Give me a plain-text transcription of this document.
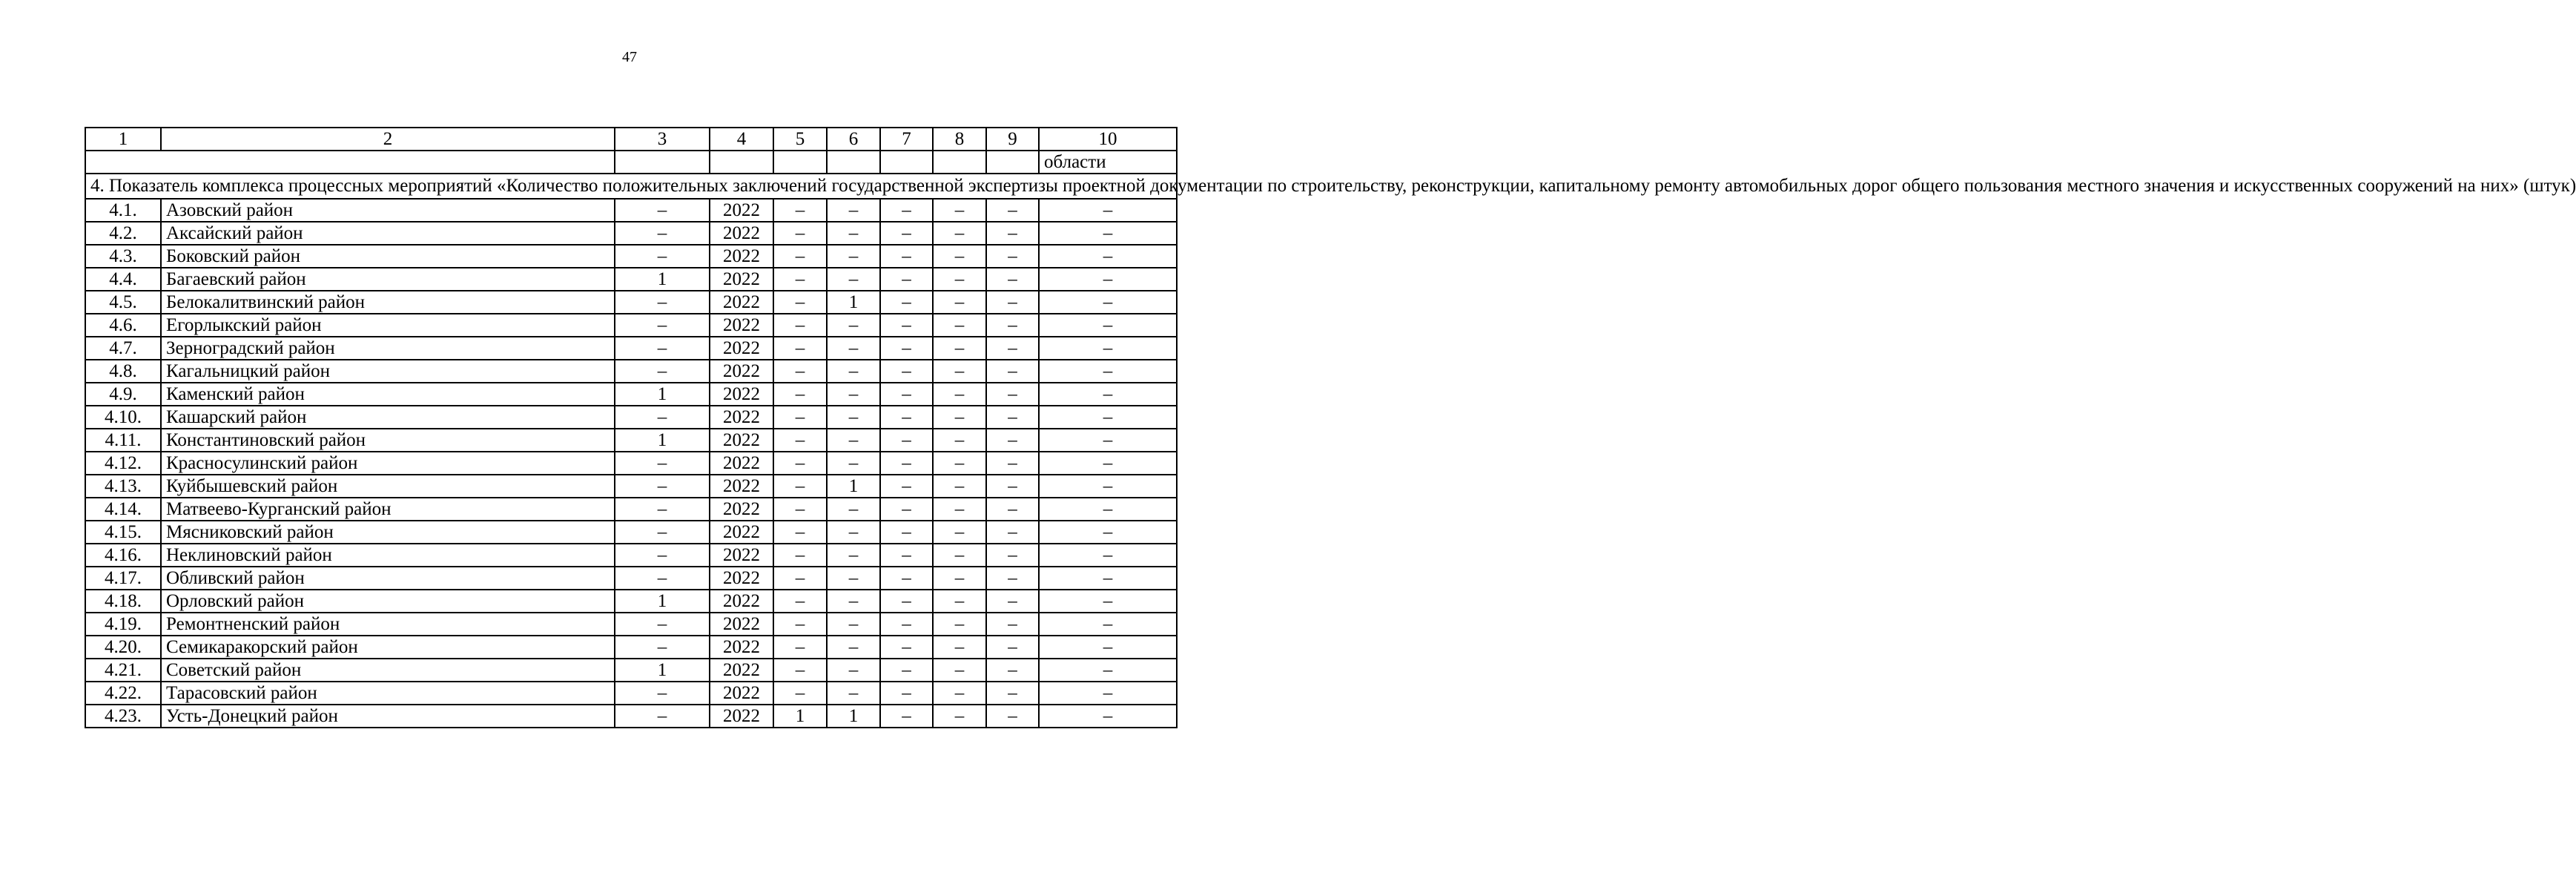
47
1	2	3	4	5	6	7	8	9	10
									области
4. Показатель комплекса процессных мероприятий «Количество положительных заключений государственной экспертизы проектной документации по строительству, реконструкции, капитальному ремонту автомобильных дорог общего пользования местного значения и искусственных сооружений на них» (штук)									
4.1.	Азовский район	–	2022	–	–	–	–	–	–
4.2.	Аксайский район	–	2022	–	–	–	–	–	–
4.3.	Боковский район	–	2022	–	–	–	–	–	–
4.4.	Багаевский район	1	2022	–	–	–	–	–	–
4.5.	Белокалитвинский район	–	2022	–	1	–	–	–	–
4.6.	Егорлыкский район	–	2022	–	–	–	–	–	–
4.7.	Зерноградский район	–	2022	–	–	–	–	–	–
4.8.	Кагальницкий район	–	2022	–	–	–	–	–	–
4.9.	Каменский район	1	2022	–	–	–	–	–	–
4.10.	Кашарский район	–	2022	–	–	–	–	–	–
4.11.	Константиновский район	1	2022	–	–	–	–	–	–
4.12.	Красносулинский район	–	2022	–	–	–	–	–	–
4.13.	Куйбышевский район	–	2022	–	1	–	–	–	–
4.14.	Матвеево-Курганский район	–	2022	–	–	–	–	–	–
4.15.	Мясниковский район	–	2022	–	–	–	–	–	–
4.16.	Неклиновский район	–	2022	–	–	–	–	–	–
4.17.	Обливский район	–	2022	–	–	–	–	–	–
4.18.	Орловский район	1	2022	–	–	–	–	–	–
4.19.	Ремонтненский район	–	2022	–	–	–	–	–	–
4.20.	Семикаракорский район	–	2022	–	–	–	–	–	–
4.21.	Советский район	1	2022	–	–	–	–	–	–
4.22.	Тарасовский район	–	2022	–	–	–	–	–	–
4.23.	Усть-Донецкий район	–	2022	1	1	–	–	–	–
